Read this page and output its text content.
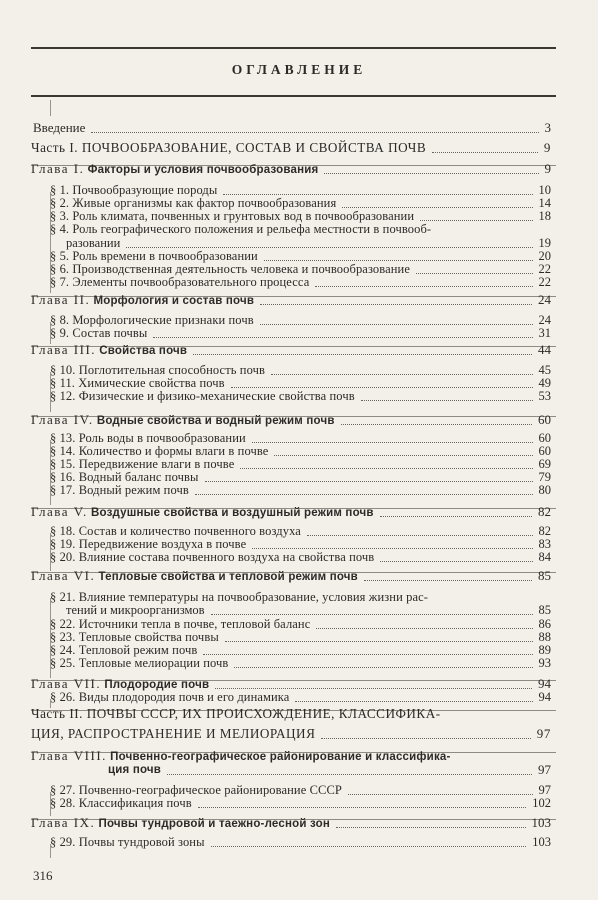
ОГЛАВЛЕНИЕ
Введение	3
Часть I. ПОЧВООБРАЗОВАНИЕ, СОСТАВ И СВОЙСТВА ПОЧВ	9
Глава I. Факторы и условия почвообразования	9
§ 1. Почвообразующие породы	10
§ 2. Живые организмы как фактор почвообразования	14
§ 3. Роль климата, почвенных и грунтовых вод в почвообразовании	18
§ 4. Роль географического положения и рельефа местности в почвооб-
разовании	19
§ 5. Роль времени в почвообразовании	20
§ 6. Производственная деятельность человека и почвообразование	22
§ 7. Элементы почвообразовательного процесса	22
Глава II. Морфология и состав почв	24
§ 8. Морфологические признаки почв	24
§ 9. Состав почвы	31
Глава III. Свойства почв	44
§ 10. Поглотительная способность почв	45
§ 11. Химические свойства почв	49
§ 12. Физические и физико-механические свойства почв	53
Глава IV. Водные свойства и водный режим почв	60
§ 13. Роль воды в почвообразовании	60
§ 14. Количество и формы влаги в почве	60
§ 15. Передвижение влаги в почве	69
§ 16. Водный баланс почвы	79
§ 17. Водный режим почв	80
Глава V. Воздушные свойства и воздушный режим почв	82
§ 18. Состав и количество почвенного воздуха	82
§ 19. Передвижение воздуха в почве	83
§ 20. Влияние состава почвенного воздуха на свойства почв	84
Глава VI. Тепловые свойства и тепловой режим почв	85
§ 21. Влияние температуры на почвообразование, условия жизни рас-
тений и микроорганизмов	85
§ 22. Источники тепла в почве, тепловой баланс	86
§ 23. Тепловые свойства почвы	88
§ 24. Тепловой режим почв	89
§ 25. Тепловые мелиорации почв	93
Глава VII. Плодородие почв	94
§ 26. Виды плодородия почв и его динамика	94
Часть II. ПОЧВЫ СССР, ИХ ПРОИСХОЖДЕНИЕ, КЛАССИФИКА-
ЦИЯ, РАСПРОСТРАНЕНИЕ И МЕЛИОРАЦИЯ	97
Глава VIII. Почвенно-географическое районирование и классифика-
ция почв	97
§ 27. Почвенно-географическое районирование СССР	97
§ 28. Классификация почв	102
Глава IX. Почвы тундровой и таежно-лесной зон	103
§ 29. Почвы тундровой зоны	103
316
